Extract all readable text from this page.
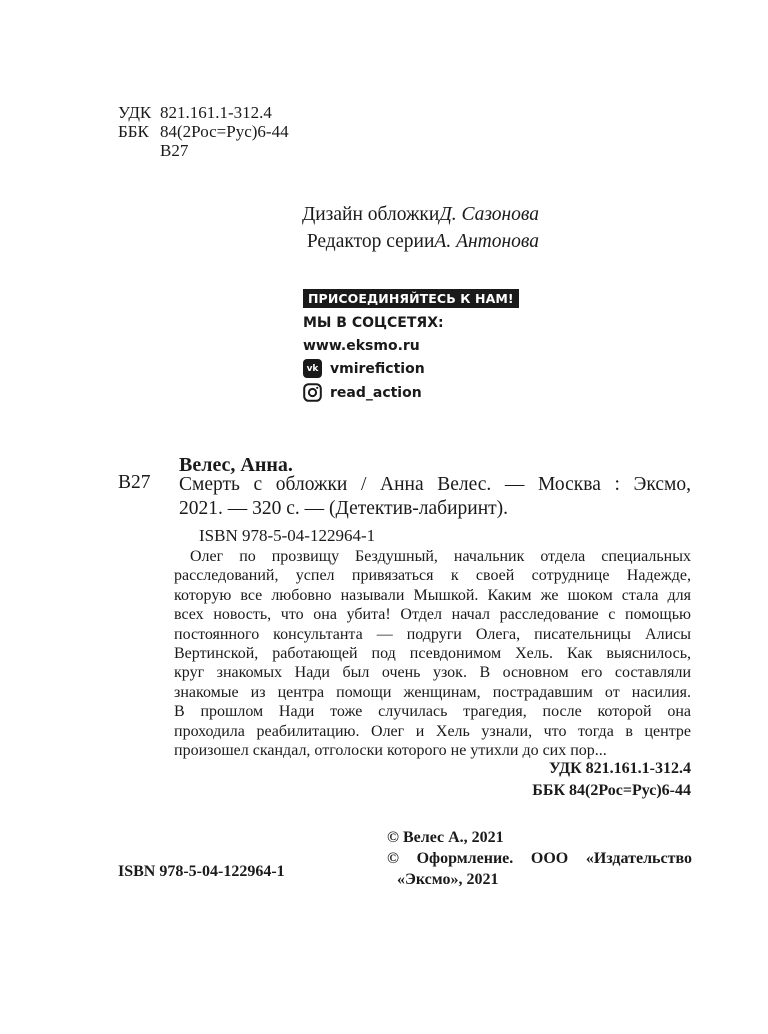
УДК 821.161.1-312.4
ББК 84(2Рос=Рус)6-44
В27
Дизайн обложкиД. Сазонова
Редактор серииА. Антонова
ПРИСОЕДИНЯЙТЕСЬ К НАМ!
МЫ В СОЦСЕТЯХ:
www.eksmo.ru
vk vmirefiction
read_action
Велес, Анна.
В27 Смерть с обложки / Анна Велес. — Москва : Эксмо,
2021. — 320 с. — (Детектив-лабиринт).
ISBN 978-5-04-122964-1
Олег по прозвищу Бездушный, начальник отдела специальных
расследований, успел привязаться к своей сотруднице Надежде,
которую все любовно называли Мышкой. Каким же шоком стала для
всех новость, что она убита! Отдел начал расследование с помощью
постоянного консультанта — подруги Олега, писательницы Алисы
Вертинской, работающей под псевдонимом Хель. Как выяснилось,
круг знакомых Нади был очень узок. В основном его составляли
знакомые из центра помощи женщинам, пострадавшим от насилия.
В прошлом Нади тоже случилась трагедия, после которой она
проходила реабилитацию. Олег и Хель узнали, что тогда в центре
произошел скандал, отголоски которого не утихли до сих пор...
УДК 821.161.1-312.4
ББК 84(2Рос=Рус)6-44
© Велес А., 2021
© Оформление. ООО «Издательство
«Эксмо», 2021
ISBN 978-5-04-122964-1
